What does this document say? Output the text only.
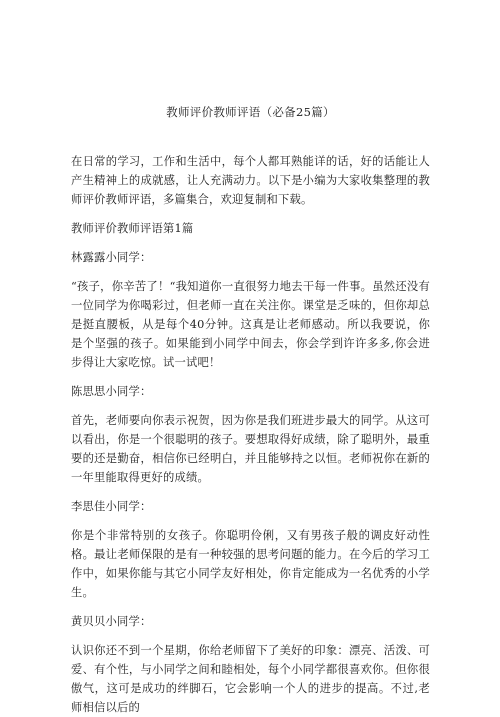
教师评价教师评语（必备25篇）

在日常的学习，工作和生活中，每个人都耳熟能详的话，好的话能让人产生精神上的成就感，让人充满动力。以下是小编为大家收集整理的教师评价教师评语，多篇集合，欢迎复制和下载。

教师评价教师评语第1篇

林露露小同学：

“孩子，你辛苦了！“我知道你一直很努力地去干每一件事。虽然还没有一位同学为你喝彩过，但老师一直在关注你。课堂是乏味的，但你却总是挺直腰板，从是每个40分钟。这真是让老师感动。所以我要说，你是个坚强的孩子。如果能到小同学中间去，你会学到许许多多,你会进步得让大家吃惊。试一试吧！

陈思思小同学：

首先，老师要向你表示祝贺，因为你是我们班进步最大的同学。从这可以看出，你是一个很聪明的孩子。要想取得好成绩，除了聪明外，最重要的还是勤奋，相信你已经明白，并且能够持之以恒。老师祝你在新的一年里能取得更好的成绩。

李思佳小同学：

你是个非常特别的女孩子。你聪明伶俐，又有男孩子般的调皮好动性格。最让老师保限的是有一种较强的思考问题的能力。在今后的学习工作中，如果你能与其它小同学友好相处，你肯定能成为一名优秀的小学生。

黄贝贝小同学：

认识你还不到一个星期，你给老师留下了美好的印象：漂亮、活泼、可爱、有个性，与小同学之间和睦相处，每个小同学都很喜欢你。但你很傲气，这可是成功的绊脚石，它会影响一个人的进步的提高。不过,老师相信以后的
